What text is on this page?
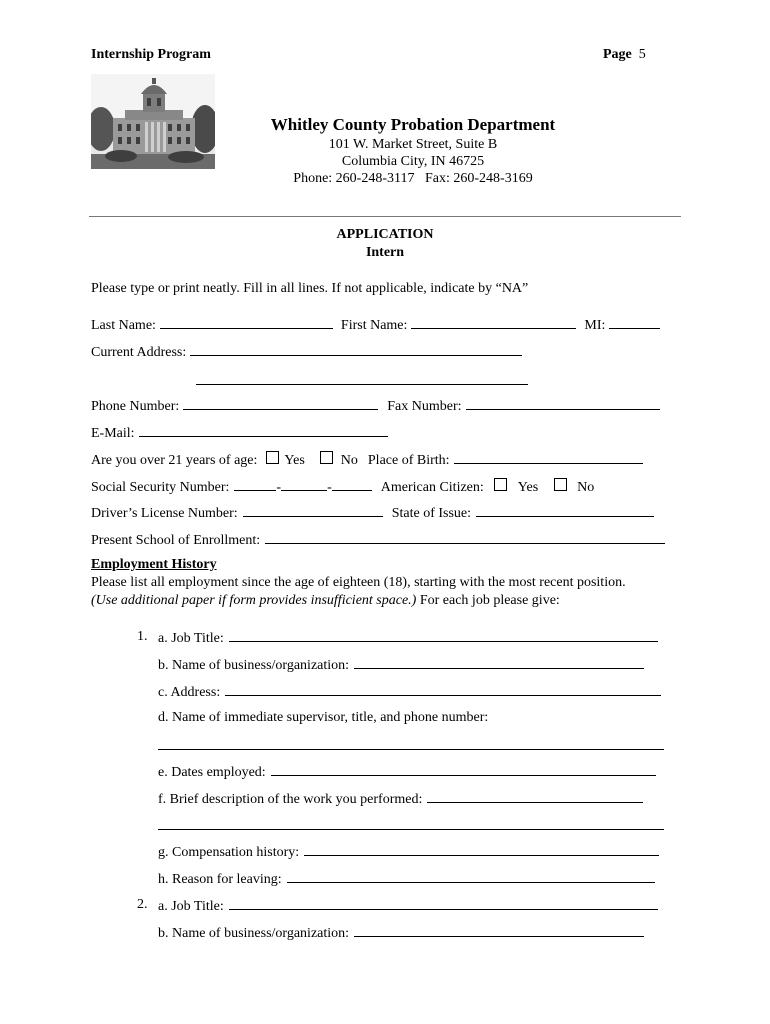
Internship Program	Page 5
Whitley County Probation Department
101 W. Market Street, Suite B
Columbia City, IN 46725
Phone: 260-248-3117   Fax: 260-248-3169
APPLICATION
Intern
Please type or print neatly. Fill in all lines. If not applicable, indicate by “NA”
Last Name:	First Name:	MI:
Current Address:
Phone Number:	Fax Number:
E-Mail:
Are you over 21 years of age: Yes	No Place of Birth:
Social Security Number:	-	-	American Citizen: Yes	No
Driver’s License Number:	State of Issue:
Present School of Enrollment:
Employment History
Please list all employment since the age of eighteen (18), starting with the most recent position.
(Use additional paper if form provides insufficient space.) For each job please give:
1. a. Job Title:
b. Name of business/organization:
c. Address:
d. Name of immediate supervisor, title, and phone number:
e. Dates employed:
f. Brief description of the work you performed:
g. Compensation history:
h. Reason for leaving:
2. a. Job Title:
b. Name of business/organization:
